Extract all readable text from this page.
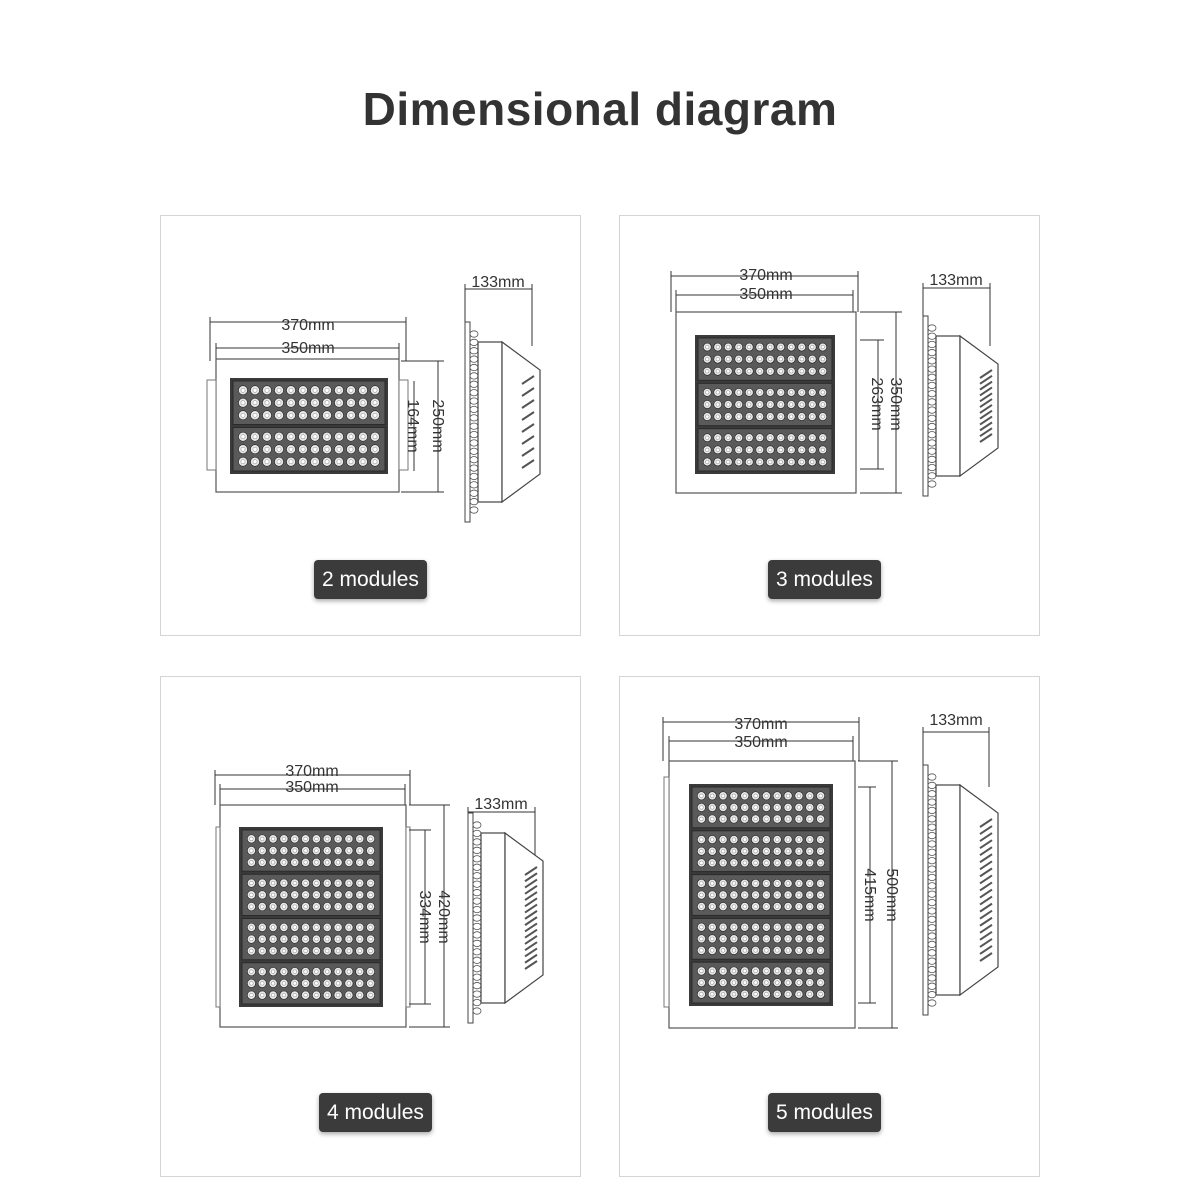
Dimensional diagram
370mm
350mm
164mm 250mm
133mm
2 modules
370mm
350mm
263mm 350mm
133mm
3 modules
370mm
350mm
334mm 420mm
133mm
4 modules
370mm
350mm
415mm 500mm
133mm
5 modules
